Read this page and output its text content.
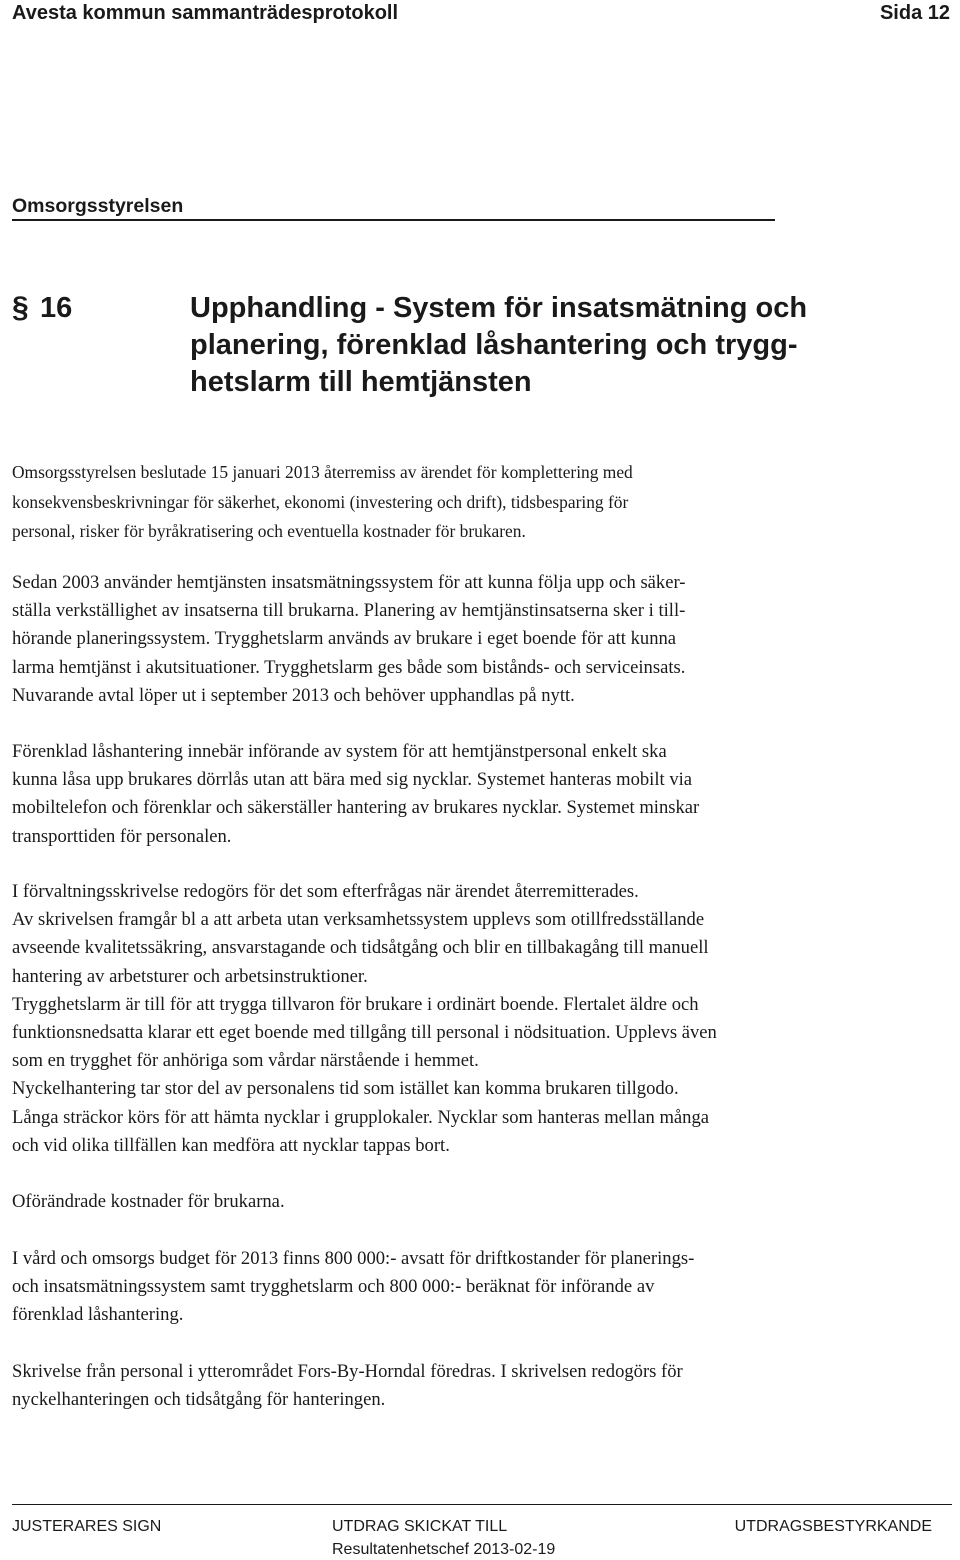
Avesta kommun sammanträdesprotokoll	Sida 12
Omsorgsstyrelsen
§ 16	Upphandling - System för insatsmätning och
planering, förenklad låshantering och trygg-
hetslarm till hemtjänsten
Omsorgsstyrelsen beslutade 15 januari 2013 återremiss av ärendet för komplettering med
konsekvensbeskrivningar för säkerhet, ekonomi (investering och drift), tidsbesparing för
personal, risker för byråkratisering och eventuella kostnader för brukaren.
Sedan 2003 använder hemtjänsten insatsmätningssystem för att kunna följa upp och säker-
ställa verkställighet av insatserna till brukarna. Planering av hemtjänstinsatserna sker i till-
hörande planeringssystem. Trygghetslarm används av brukare i eget boende för att kunna
larma hemtjänst i akutsituationer. Trygghetslarm ges både som bistånds- och serviceinsats.
Nuvarande avtal löper ut i september 2013 och behöver upphandlas på nytt.
Förenklad låshantering innebär införande av system för att hemtjänstpersonal enkelt ska
kunna låsa upp brukares dörrlås utan att bära med sig nycklar. Systemet hanteras mobilt via
mobiltelefon och förenklar och säkerställer hantering av brukares nycklar. Systemet minskar
transporttiden för personalen.
I förvaltningsskrivelse redogörs för det som efterfrågas när ärendet återremitterades.
Av skrivelsen framgår bl a att arbeta utan verksamhetssystem upplevs som otillfredsställande
avseende kvalitetssäkring, ansvarstagande och tidsåtgång och blir en tillbakagång till manuell
hantering av arbetsturer och arbetsinstruktioner.
Trygghetslarm är till för att trygga tillvaron för brukare i ordinärt boende. Flertalet äldre och
funktionsnedsatta klarar ett eget boende med tillgång till personal i nödsituation. Upplevs även
som en trygghet för anhöriga som vårdar närstående i hemmet.
Nyckelhantering tar stor del av personalens tid som istället kan komma brukaren tillgodo.
Långa sträckor körs för att hämta nycklar i grupplokaler. Nycklar som hanteras mellan många
och vid olika tillfällen kan medföra att nycklar tappas bort.
Oförändrade kostnader för brukarna.
I vård och omsorgs budget för 2013 finns 800 000:- avsatt för driftkostander för planerings-
och insatsmätningssystem samt trygghetslarm och 800 000:- beräknat för införande av
förenklad låshantering.
Skrivelse från personal i ytterområdet Fors-By-Horndal föredras. I skrivelsen redogörs för
nyckelhanteringen och tidsåtgång för hanteringen.
JUSTERARES SIGN	UTDRAG SKICKAT TILL
Resultatenhetschef 2013-02-19
UTDRAGSBESTYRKANDE
